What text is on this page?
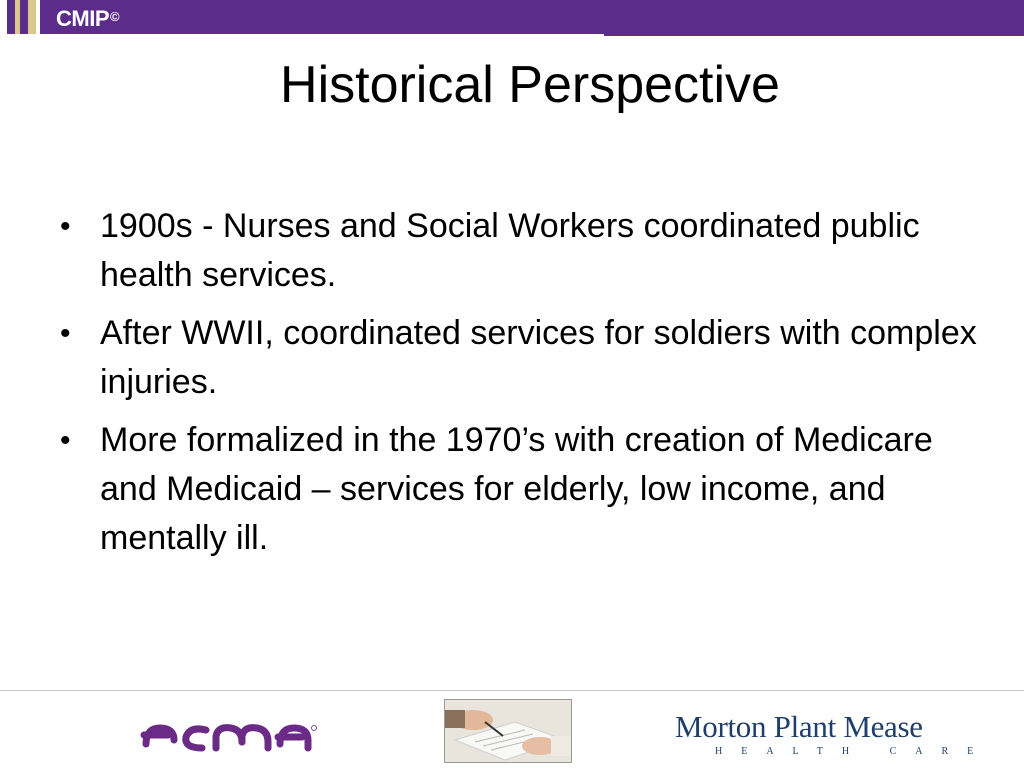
CMIP©
Historical Perspective
• 1900s - Nurses and Social Workers coordinated public health services.
• After WWII, coordinated services for soldiers with complex injuries.
• More formalized in the 1970’s with creation of Medicare and Medicaid – services for elderly, low income, and mentally ill.
Morton Plant Mease
HEALTH CARE
